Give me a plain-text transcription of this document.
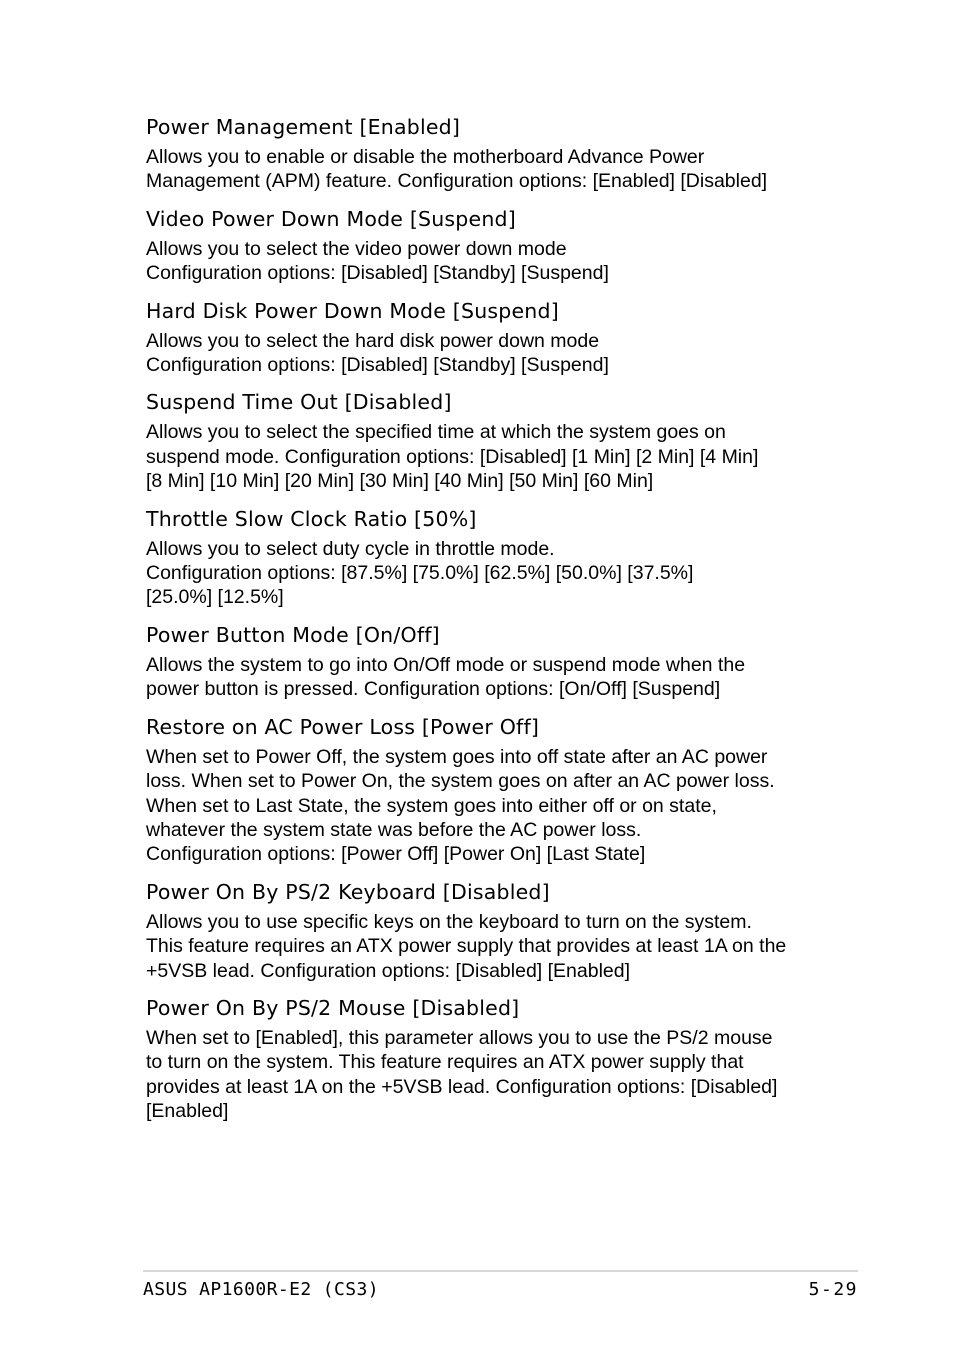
Power Management [Enabled]
Allows you to enable or disable the motherboard Advance Power
Management (APM) feature. Configuration options: [Enabled] [Disabled]
Video Power Down Mode [Suspend]
Allows you to select the video power down mode
Configuration options: [Disabled] [Standby] [Suspend]
Hard Disk Power Down Mode [Suspend]
Allows you to select the hard disk power down mode
Configuration options: [Disabled] [Standby] [Suspend]
Suspend Time Out [Disabled]
Allows you to select the specified time at which the system goes on
suspend mode. Configuration options: [Disabled] [1 Min] [2 Min] [4 Min]
[8 Min] [10 Min] [20 Min] [30 Min] [40 Min] [50 Min] [60 Min]
Throttle Slow Clock Ratio [50%]
Allows you to select duty cycle in throttle mode.
Configuration options: [87.5%] [75.0%] [62.5%] [50.0%] [37.5%]
[25.0%] [12.5%]
Power Button Mode [On/Off]
Allows the system to go into On/Off mode or suspend mode when the
power button is pressed. Configuration options: [On/Off] [Suspend]
Restore on AC Power Loss [Power Off]
When set to Power Off, the system goes into off state after an AC power
loss. When set to Power On, the system goes on after an AC power loss.
When set to Last State, the system goes into either off or on state,
whatever the system state was before the AC power loss.
Configuration options: [Power Off] [Power On] [Last State]
Power On By PS/2 Keyboard [Disabled]
Allows you to use specific keys on the keyboard to turn on the system.
This feature requires an ATX power supply that provides at least 1A on the
+5VSB lead. Configuration options: [Disabled] [Enabled]
Power On By PS/2 Mouse [Disabled]
When set to [Enabled], this parameter allows you to use the PS/2 mouse
to turn on the system. This feature requires an ATX power supply that
provides at least 1A on the +5VSB lead. Configuration options: [Disabled]
[Enabled]
ASUS AP1600R-E2 (CS3)	5-29
